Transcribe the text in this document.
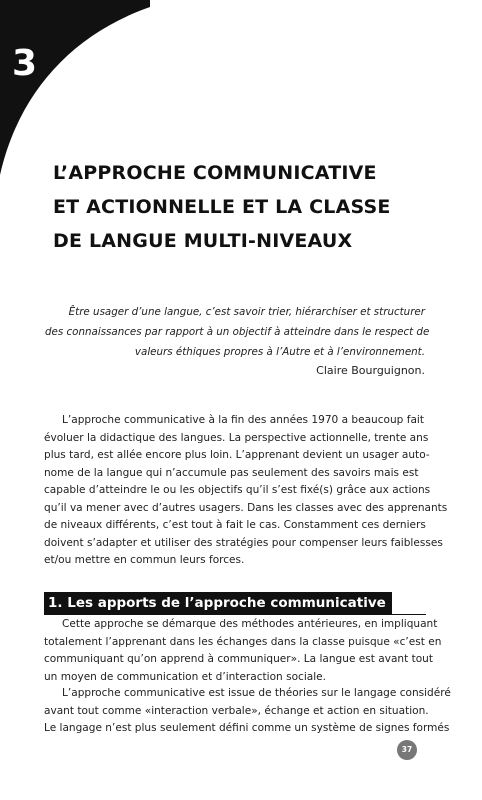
3
L’APPROCHE COMMUNICATIVE
ET ACTIONNELLE ET LA CLASSE
DE LANGUE MULTI-NIVEAUX
Être usager d’une langue, c’est savoir trier, hiérarchiser et structurer
des connaissances par rapport à un objectif à atteindre dans le respect de
valeurs éthiques propres à l’Autre et à l’environnement.
Claire Bourguignon.
L’approche communicative à la fin des années 1970 a beaucoup fait
évoluer la didactique des langues. La perspective actionnelle, trente ans
plus tard, est allée encore plus loin. L’apprenant devient un usager auto-
nome de la langue qui n’accumule pas seulement des savoirs mais est
capable d’atteindre le ou les objectifs qu’il s’est fixé(s) grâce aux actions
qu’il va mener avec d’autres usagers. Dans les classes avec des apprenants
de niveaux différents, c’est tout à fait le cas. Constamment ces derniers
doivent s’adapter et utiliser des stratégies pour compenser leurs faiblesses
et/ou mettre en commun leurs forces.
1. Les apports de l’approche communicative
Cette approche se démarque des méthodes antérieures, en impliquant
totalement l’apprenant dans les échanges dans la classe puisque «c’est en
communiquant qu’on apprend à communiquer». La langue est avant tout
un moyen de communication et d’interaction sociale.
L’approche communicative est issue de théories sur le langage considéré
avant tout comme «interaction verbale», échange et action en situation.
Le langage n’est plus seulement défini comme un système de signes formés
37
